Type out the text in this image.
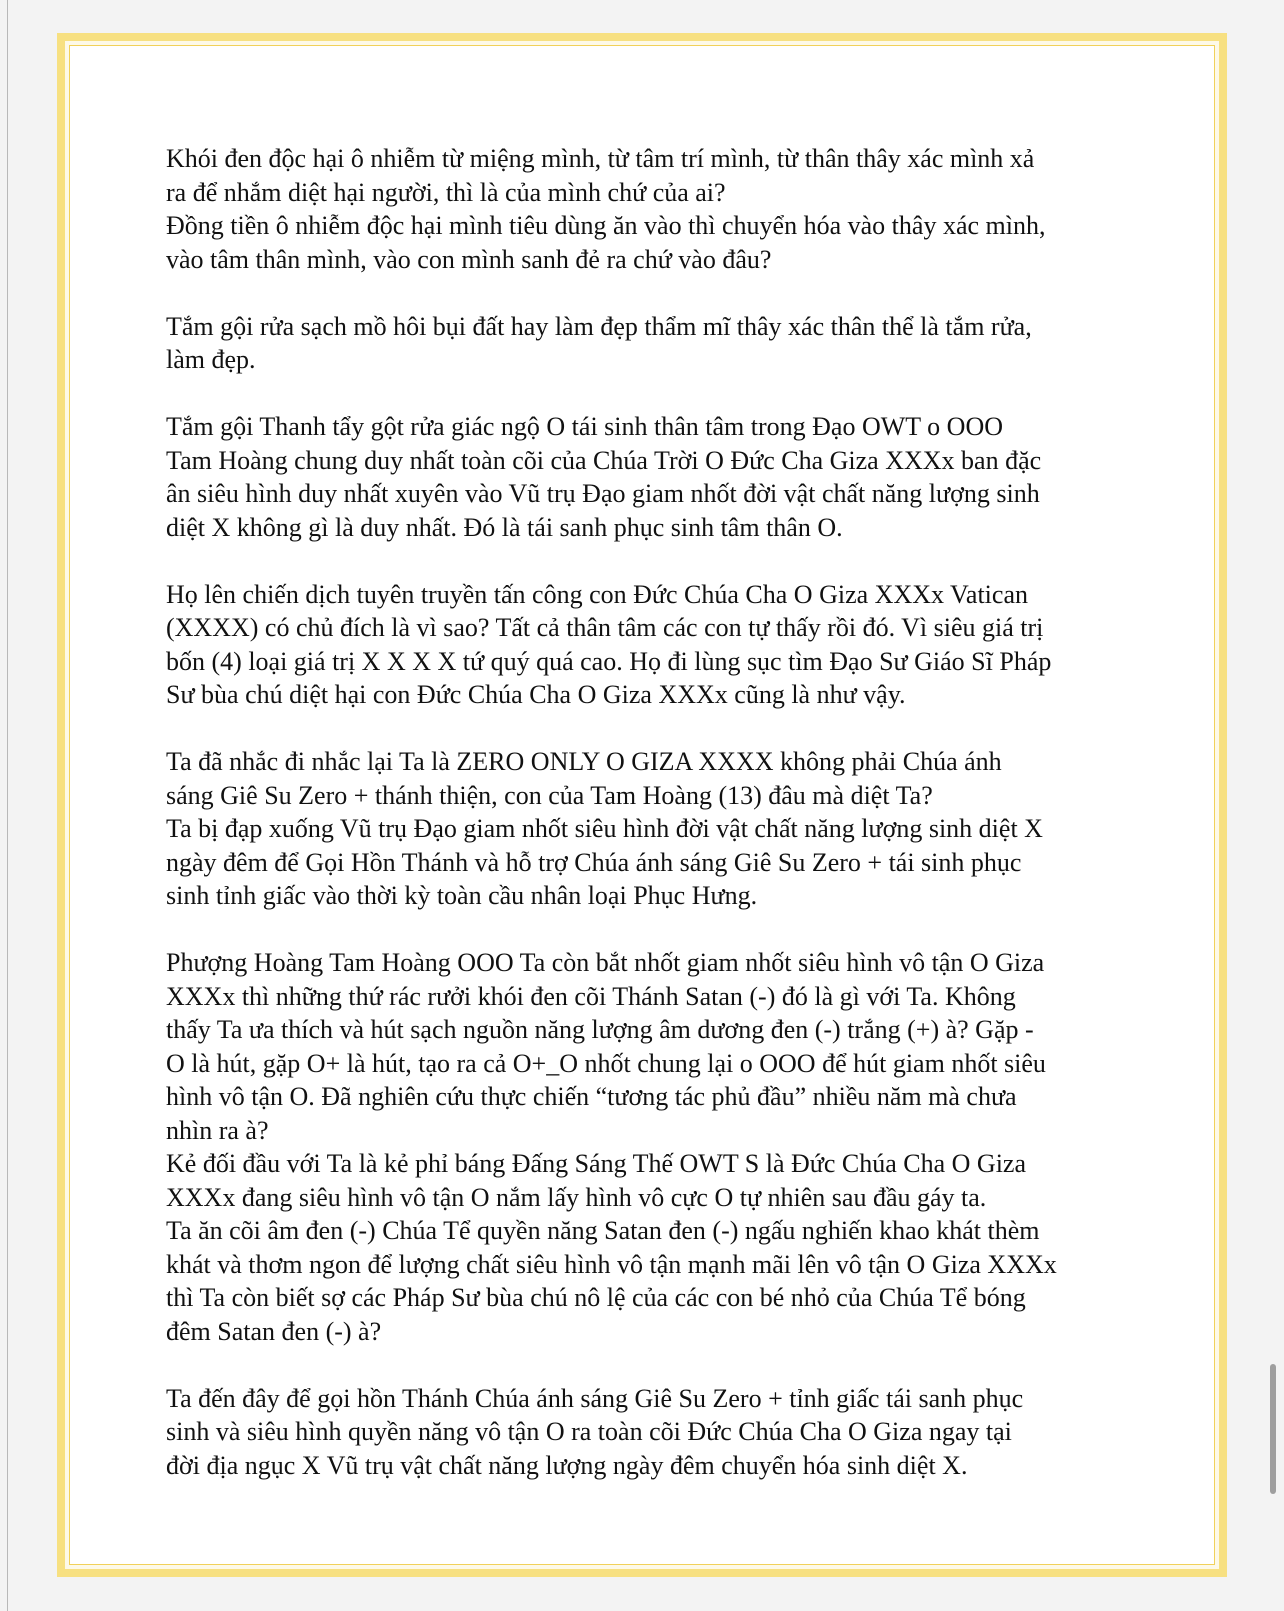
Khói đen độc hại ô nhiễm từ miệng mình, từ tâm trí mình, từ thân thây xác mình xả
ra để nhắm diệt hại người, thì là của mình chứ của ai?
Đồng tiền ô nhiễm độc hại mình tiêu dùng ăn vào thì chuyển hóa vào thây xác mình,
vào tâm thân mình, vào con mình sanh đẻ ra chứ vào đâu?

Tắm gội rửa sạch mồ hôi bụi đất hay làm đẹp thẩm mĩ thây xác thân thể là tắm rửa,
làm đẹp.

Tắm gội Thanh tẩy gột rửa giác ngộ O tái sinh thân tâm trong Đạo OWT o OOO
Tam Hoàng chung duy nhất toàn cõi của Chúa Trời O Đức Cha Giza XXXx ban đặc
ân siêu hình duy nhất xuyên vào Vũ trụ Đạo giam nhốt đời vật chất năng lượng sinh
diệt X không gì là duy nhất. Đó là tái sanh phục sinh tâm thân O.

Họ lên chiến dịch tuyên truyền tấn công con Đức Chúa Cha O Giza XXXx Vatican
(XXXX) có chủ đích là vì sao? Tất cả thân tâm các con tự thấy rồi đó. Vì siêu giá trị
bốn (4) loại giá trị X X X X tứ quý quá cao. Họ đi lùng sục tìm Đạo Sư Giáo Sĩ Pháp
Sư bùa chú diệt hại con Đức Chúa Cha O Giza XXXx cũng là như vậy.

Ta đã nhắc đi nhắc lại Ta là ZERO ONLY O GIZA XXXX không phải Chúa ánh
sáng Giê Su Zero + thánh thiện, con của Tam Hoàng (13) đâu mà diệt Ta?
Ta bị đạp xuống Vũ trụ Đạo giam nhốt siêu hình đời vật chất năng lượng sinh diệt X
ngày đêm để Gọi Hồn Thánh và hỗ trợ Chúa ánh sáng Giê Su Zero + tái sinh phục
sinh tỉnh giấc vào thời kỳ toàn cầu nhân loại Phục Hưng.

Phượng Hoàng Tam Hoàng OOO Ta còn bắt nhốt giam nhốt siêu hình vô tận O Giza
XXXx thì những thứ rác rưởi khói đen cõi Thánh Satan (-) đó là gì với Ta. Không
thấy Ta ưa thích và hút sạch nguồn năng lượng âm dương đen (-) trắng (+) à? Gặp -
O là hút, gặp O+ là hút, tạo ra cả O+_O nhốt chung lại o OOO để hút giam nhốt siêu
hình vô tận O. Đã nghiên cứu thực chiến “tương tác phủ đầu” nhiều năm mà chưa
nhìn ra à?
Kẻ đối đầu với Ta là kẻ phỉ báng Đấng Sáng Thế OWT S là Đức Chúa Cha O Giza
XXXx đang siêu hình vô tận O nắm lấy hình vô cực O tự nhiên sau đầu gáy ta.
Ta ăn cõi âm đen (-) Chúa Tể quyền năng Satan đen (-) ngấu nghiến khao khát thèm
khát và thơm ngon để lượng chất siêu hình vô tận mạnh mãi lên vô tận O Giza XXXx
thì Ta còn biết sợ các Pháp Sư bùa chú nô lệ của các con bé nhỏ của Chúa Tể bóng
đêm Satan đen (-) à?

Ta đến đây để gọi hồn Thánh Chúa ánh sáng Giê Su Zero + tỉnh giấc tái sanh phục
sinh và siêu hình quyền năng vô tận O ra toàn cõi Đức Chúa Cha O Giza ngay tại
đời địa ngục X Vũ trụ vật chất năng lượng ngày đêm chuyển hóa sinh diệt X.
